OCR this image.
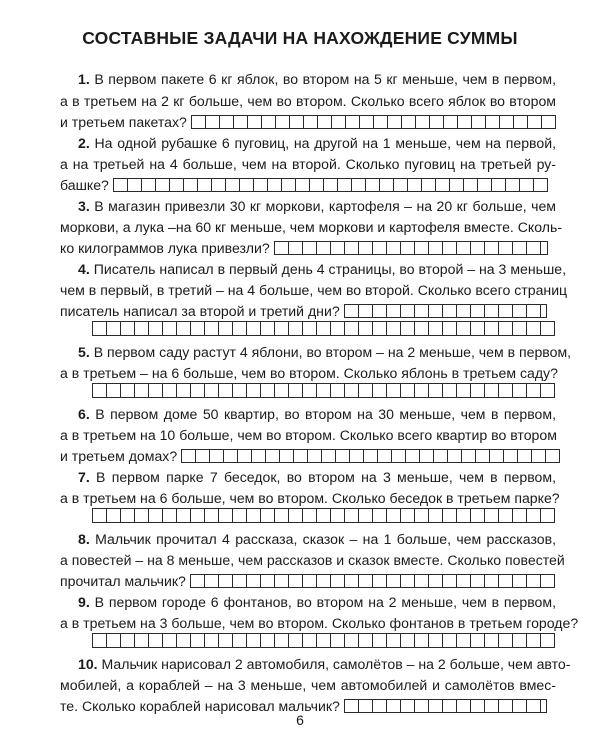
СОСТАВНЫЕ ЗАДАЧИ НА НАХОЖДЕНИЕ СУММЫ
1. В первом пакете 6 кг яблок, во втором на 5 кг меньше, чем в первом,
а в третьем на 2 кг больше, чем во втором. Сколько всего яблок во втором
и третьем пакетах?
2. На одной рубашке 6 пуговиц, на другой на 1 меньше, чем на первой,
а на третьей на 4 больше, чем на второй. Сколько пуговиц на третьей ру-
башке?
3. В магазин привезли 30 кг моркови, картофеля – на 20 кг больше, чем
моркови, а лука –на 60 кг меньше, чем моркови и картофеля вместе. Сколь-
ко килограммов лука привезли?
4. Писатель написал в первый день 4 страницы, во второй – на 3 меньше,
чем в первый, в третий – на 4 больше, чем во второй. Сколько всего страниц
писатель написал за второй и третий дни?
5. В первом саду растут 4 яблони, во втором – на 2 меньше, чем в первом,
а в третьем – на 6 больше, чем во втором. Сколько яблонь в третьем саду?
6. В первом доме 50 квартир, во втором на 30 меньше, чем в первом,
а в третьем на 10 больше, чем во втором. Сколько всего квартир во втором
и третьем домах?
7. В первом парке 7 беседок, во втором на 3 меньше, чем в первом,
а в третьем на 6 больше, чем во втором. Сколько беседок в третьем парке?
8. Мальчик прочитал 4 рассказа, сказок – на 1 больше, чем рассказов,
а повестей – на 8 меньше, чем рассказов и сказок вместе. Сколько повестей
прочитал мальчик?
9. В первом городе 6 фонтанов, во втором на 2 меньше, чем в первом,
а в третьем на 3 больше, чем во втором. Сколько фонтанов в третьем городе?
10. Мальчик нарисовал 2 автомобиля, самолётов – на 2 больше, чем авто-
мобилей, а кораблей – на 3 меньше, чем автомобилей и самолётов вмес-
те. Сколько кораблей нарисовал мальчик?
6
